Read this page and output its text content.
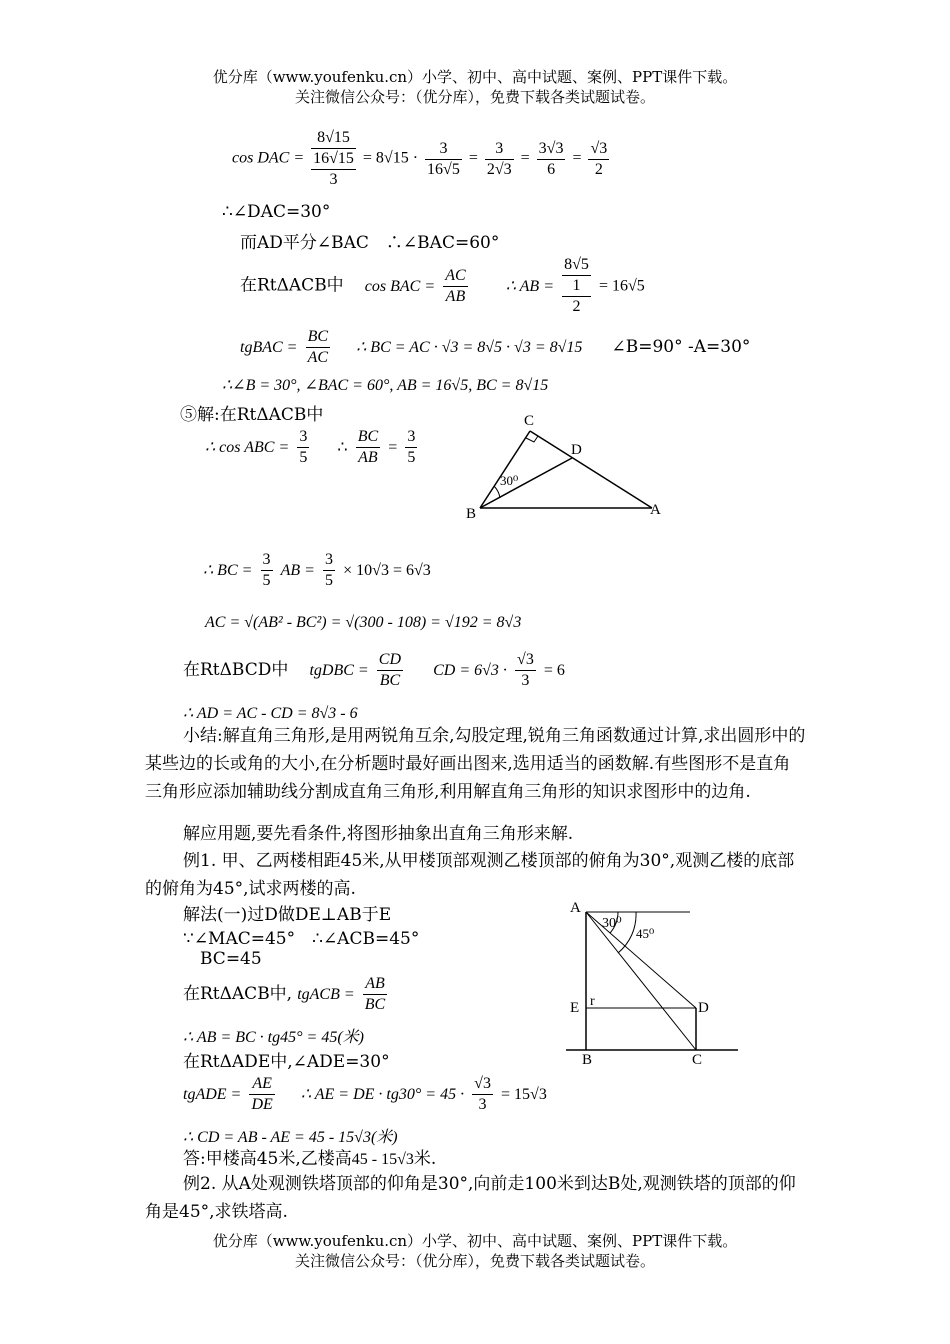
优分库（www.youfenku.cn）小学、初中、高中试题、案例、PPT课件下载。
关注微信公众号：（优分库），免费下载各类试题试卷。
cos DAC =
8√15
16√15
3
= $8√15 \cdot \frac{3}{16√5} = \frac{3}{2√3} = \frac{3√3}{6} = \frac{√3}{2}$
∴∠DAC=30°
而AD平分∠BAC　∴∠BAC=60°
在RtΔACB中 cos BAC = $\frac{AC}{AB}$ ∴ AB =
8√5
1
2
= 16√5
tgBAC = $\frac{BC}{AC}$ ∴ BC = AC · √3 = 8√5 · √3 = 8√15 ∠B=90° -A=30°
∴∠B = 30°, ∠BAC = 60°, AB = 16√5, BC = 8√15
⑤解:在RtΔACB中
∴ cos ABC = $\frac{3}{5}$ ∴ $\frac{BC}{AB} = \frac{3}{5}$
C
D
B	A
30⁰
∴ BC = $\frac{3}{5}$ AB = $\frac{3}{5} \times 10√3 = 6√3$
AC = √(AB² - BC²) = √(300 - 108) = √192 = 8√3
在RtΔBCD中 tgDBC = $\frac{CD}{BC}$ CD = $6√3 \cdot \frac{√3}{3} = 6$
∴ AD = AC - CD = 8√3 - 6
小结:解直角三角形,是用两锐角互余,勾股定理,锐角三角函数通过计算,求出圆形中的某些边的长或角的大小,在分析题时最好画出图来,选用适当的函数解.有些图形不是直角三角形应添加辅助线分割成直角三角形,利用解直角三角形的知识求图形中的边角.
解应用题,要先看条件,将图形抽象出直角三角形来解.
例1. 甲、乙两楼相距45米,从甲楼顶部观测乙楼顶部的俯角为30°,观测乙楼的底部的俯角为45°,试求两楼的高.
解法(一)过D做DE⊥AB于E
∵∠MAC=45°　∴∠ACB=45°
BC=45
在RtΔACB中, tgACB = $\frac{AB}{BC}$
∴ AB = BC · tg45° = 45(米)
在RtΔADE中,∠ADE=30°
tgADE = $\frac{AE}{DE}$ ∴ AE = DE · $tg30^\circ = 45 \cdot \frac{√3}{3} = 15√3$
∴ CD = AB - AE = 45 - 15√3(米)
答:甲楼高45米,乙楼高45 - 15√3米.
A
E
B	C
D
r
30⁰
45⁰
例2. 从A处观测铁塔顶部的仰角是30°,向前走100米到达B处,观测铁塔的顶部的仰角是45°,求铁塔高.
优分库（www.youfenku.cn）小学、初中、高中试题、案例、PPT课件下载。
关注微信公众号：（优分库），免费下载各类试题试卷。
